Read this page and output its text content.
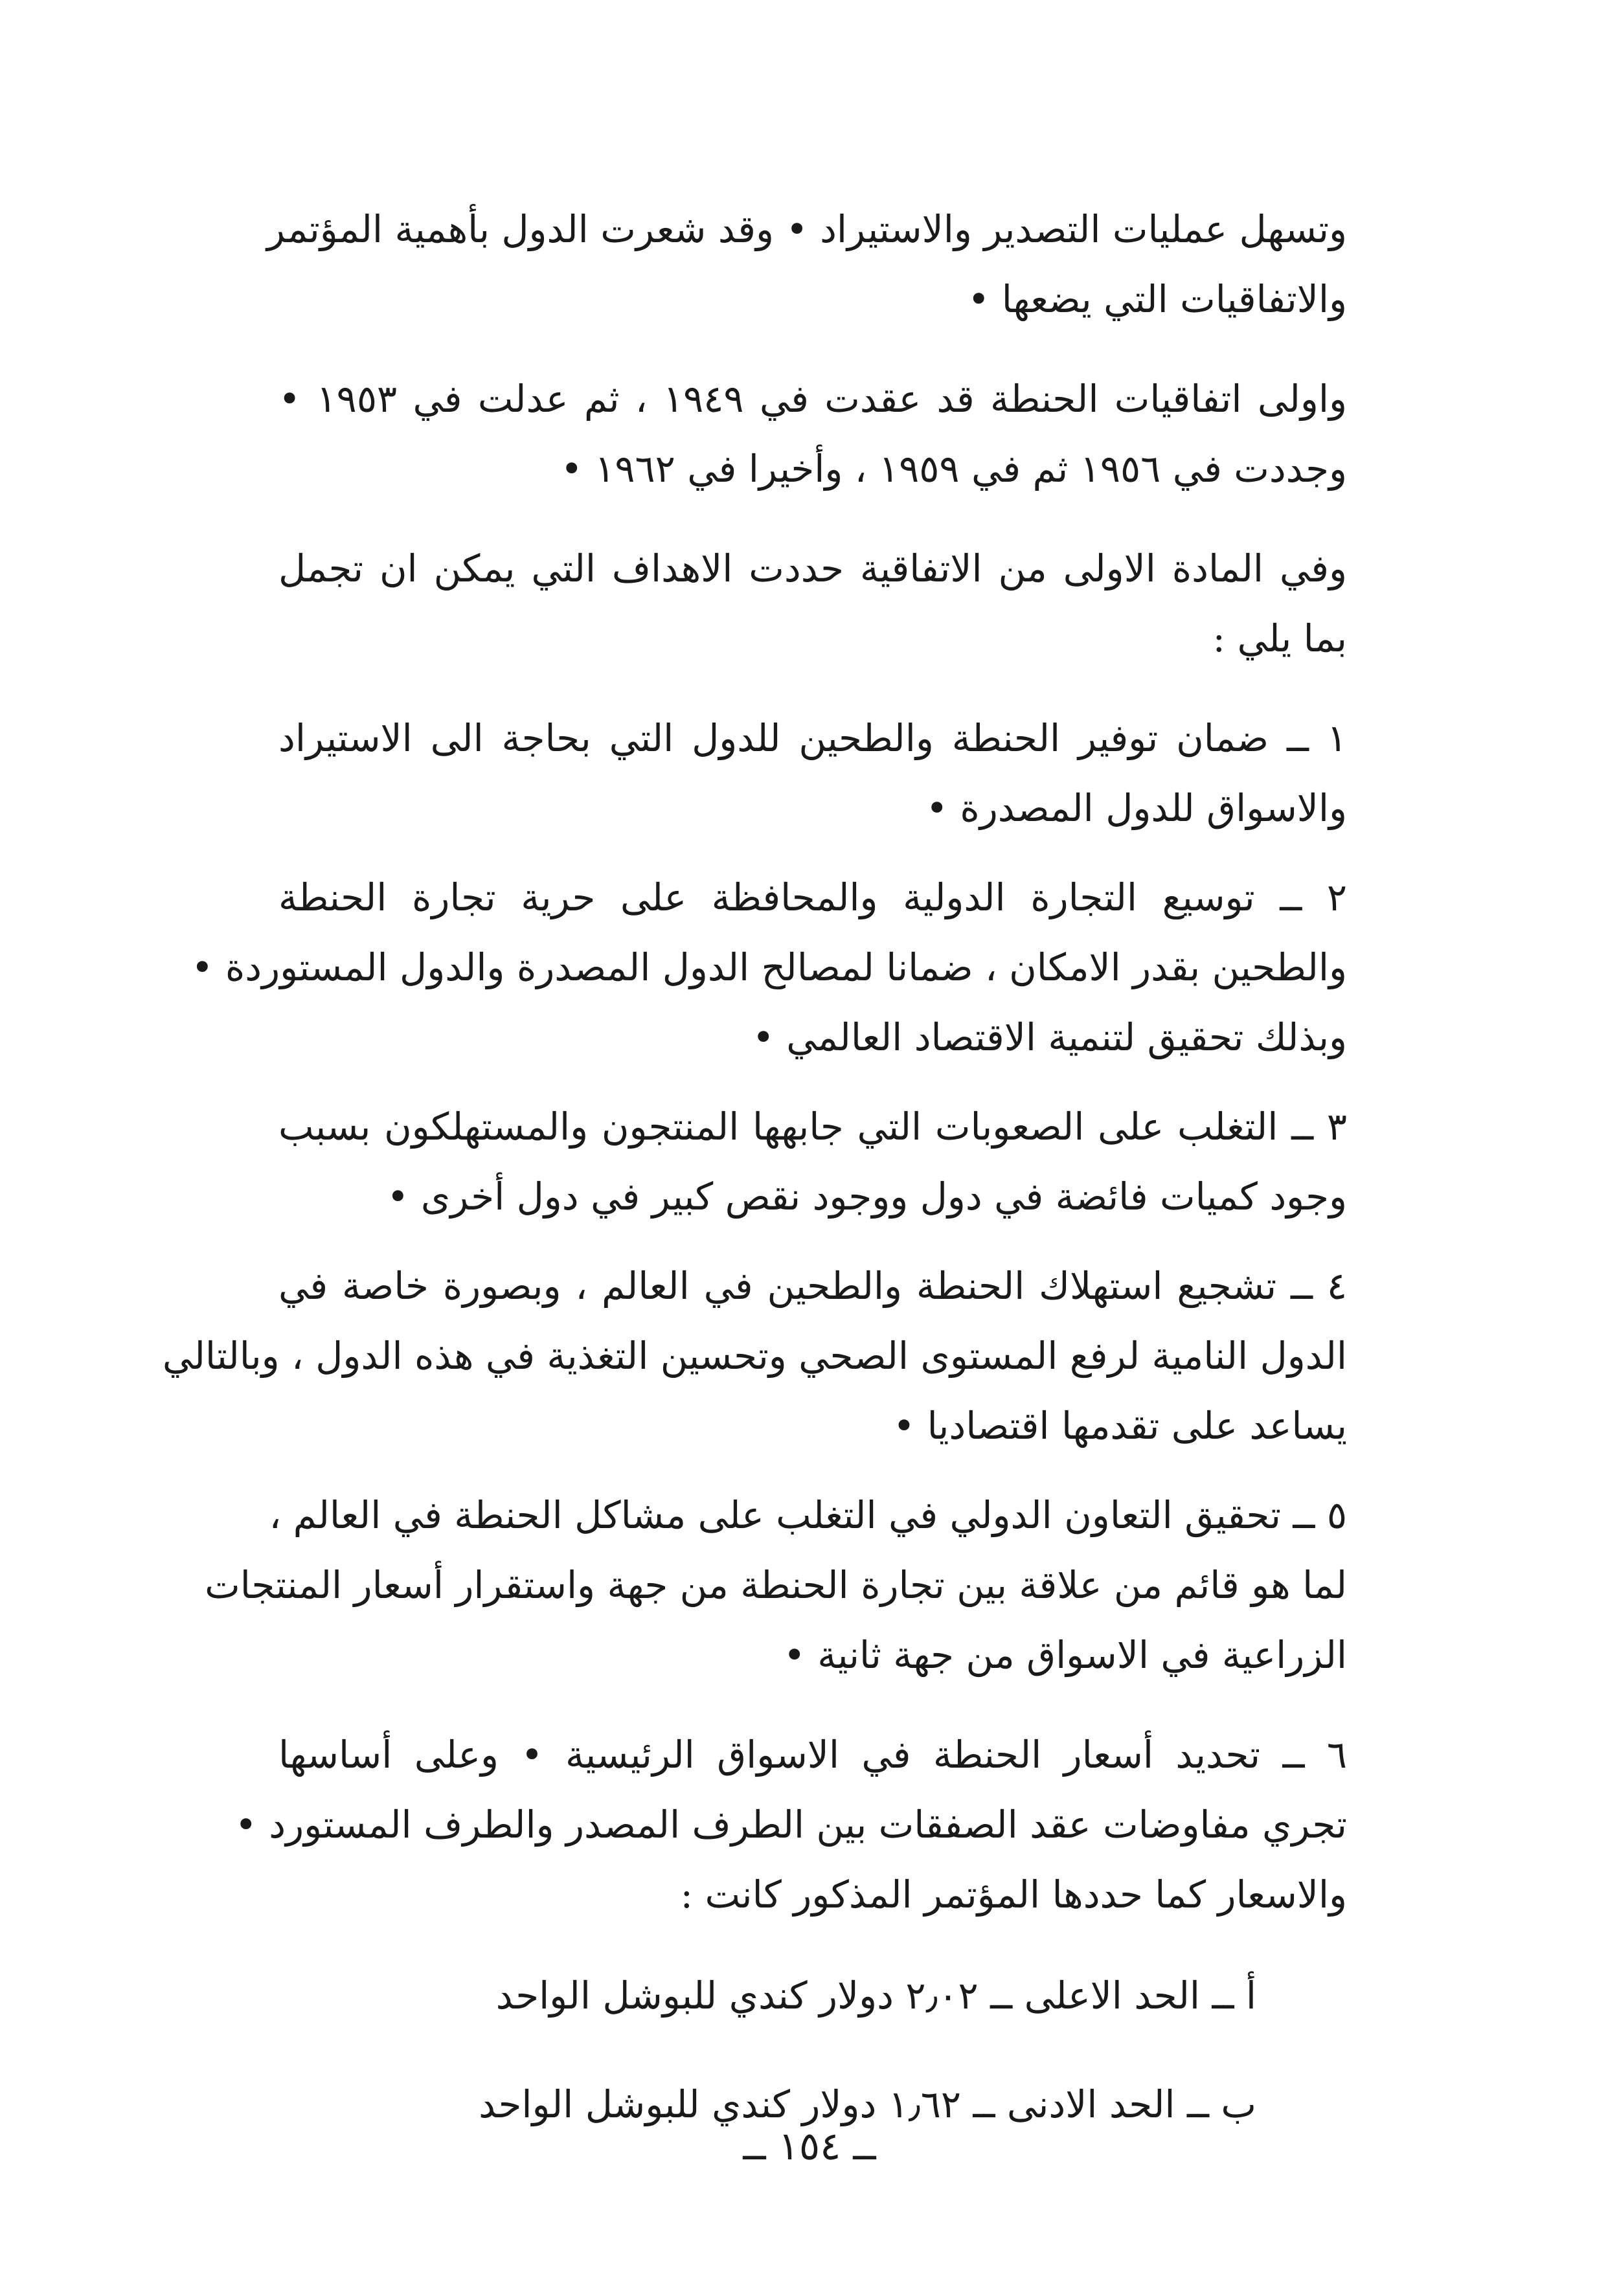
وتسهل عمليات التصدير والاستيراد • وقد شعرت الدول بأهمية المؤتمر
والاتفاقيات التي يضعها •
واولى اتفاقيات الحنطة قد عقدت في ١٩٤٩ ، ثم عدلت في ١٩٥٣ •
وجددت في ١٩٥٦ ثم في ١٩٥٩ ، وأخيرا في ١٩٦٢ •
وفي المادة الاولى من الاتفاقية حددت الاهداف التي يمكن ان تجمل
بما يلي :
١ ــ ضمان توفير الحنطة والطحين للدول التي بحاجة الى الاستيراد
والاسواق للدول المصدرة •
٢ ــ توسيع التجارة الدولية والمحافظة على حرية تجارة الحنطة
والطحين بقدر الامكان ، ضمانا لمصالح الدول المصدرة والدول المستوردة •
وبذلك تحقيق لتنمية الاقتصاد العالمي •
٣ ــ التغلب على الصعوبات التي جابهها المنتجون والمستهلكون بسبب
وجود كميات فائضة في دول ووجود نقص كبير في دول أخرى •
٤ ــ تشجيع استهلاك الحنطة والطحين في العالم ، وبصورة خاصة في
الدول النامية لرفع المستوى الصحي وتحسين التغذية في هذه الدول ، وبالتالي
يساعد على تقدمها اقتصاديا •
٥ ــ تحقيق التعاون الدولي في التغلب على مشاكل الحنطة في العالم ،
لما هو قائم من علاقة بين تجارة الحنطة من جهة واستقرار أسعار المنتجات
الزراعية في الاسواق من جهة ثانية •
٦ ــ تحديد أسعار الحنطة في الاسواق الرئيسية • وعلى أساسها
تجري مفاوضات عقد الصفقات بين الطرف المصدر والطرف المستورد •
والاسعار كما حددها المؤتمر المذكور كانت :
أ ــ الحد الاعلى ــ ٢٫٠٢ دولار كندي للبوشل الواحد
ب ــ الحد الادنى ــ ١٫٦٢ دولار كندي للبوشل الواحد
ــ ١٥٤ ــ
